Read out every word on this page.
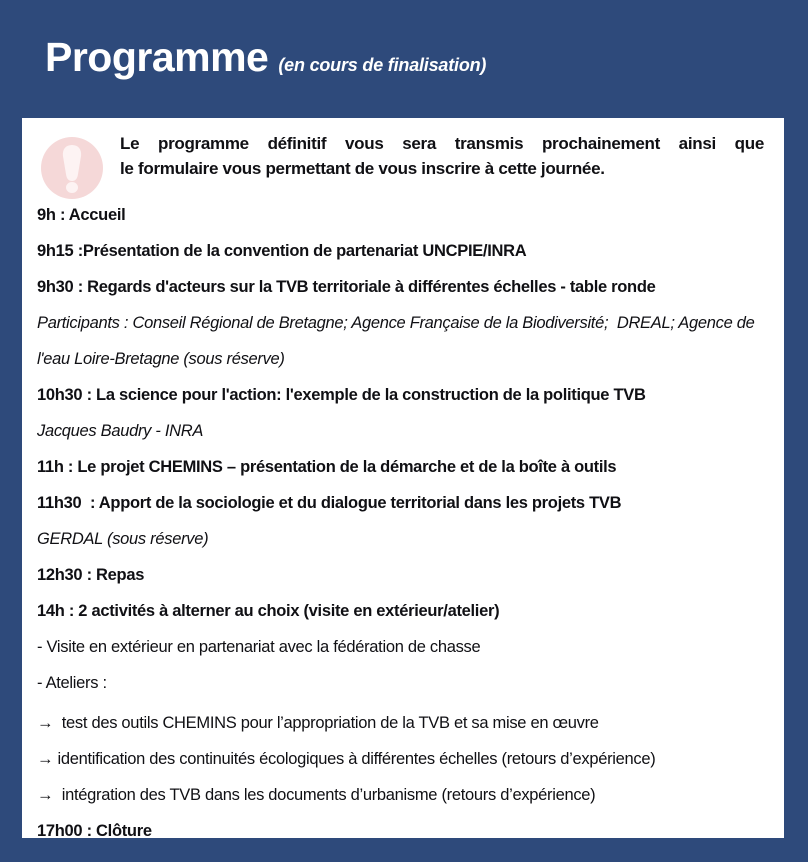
Programme (en cours de finalisation)
Le programme définitif vous sera transmis prochainement ainsi que
le formulaire vous permettant de vous inscrire à cette journée.
9h : Accueil
9h15 :Présentation de la convention de partenariat UNCPIE/INRA
9h30 : Regards d'acteurs sur la TVB territoriale à différentes échelles - table ronde
Participants : Conseil Régional de Bretagne; Agence Française de la Biodiversité;  DREAL; Agence de l'eau Loire-Bretagne (sous réserve)
10h30 : La science pour l'action: l'exemple de la construction de la politique TVB
Jacques Baudry - INRA
11h : Le projet CHEMINS – présentation de la démarche et de la boîte à outils
11h30  : Apport de la sociologie et du dialogue territorial dans les projets TVB
GERDAL (sous réserve)
12h30 : Repas
14h : 2 activités à alterner au choix (visite en extérieur/atelier)
- Visite en extérieur en partenariat avec la fédération de chasse
- Ateliers :
→  test des outils CHEMINS pour l’appropriation de la TVB et sa mise en œuvre
→ identification des continuités écologiques à différentes échelles (retours d’expérience)
→  intégration des TVB dans les documents d’urbanisme (retours d’expérience)
17h00 : Clôture
